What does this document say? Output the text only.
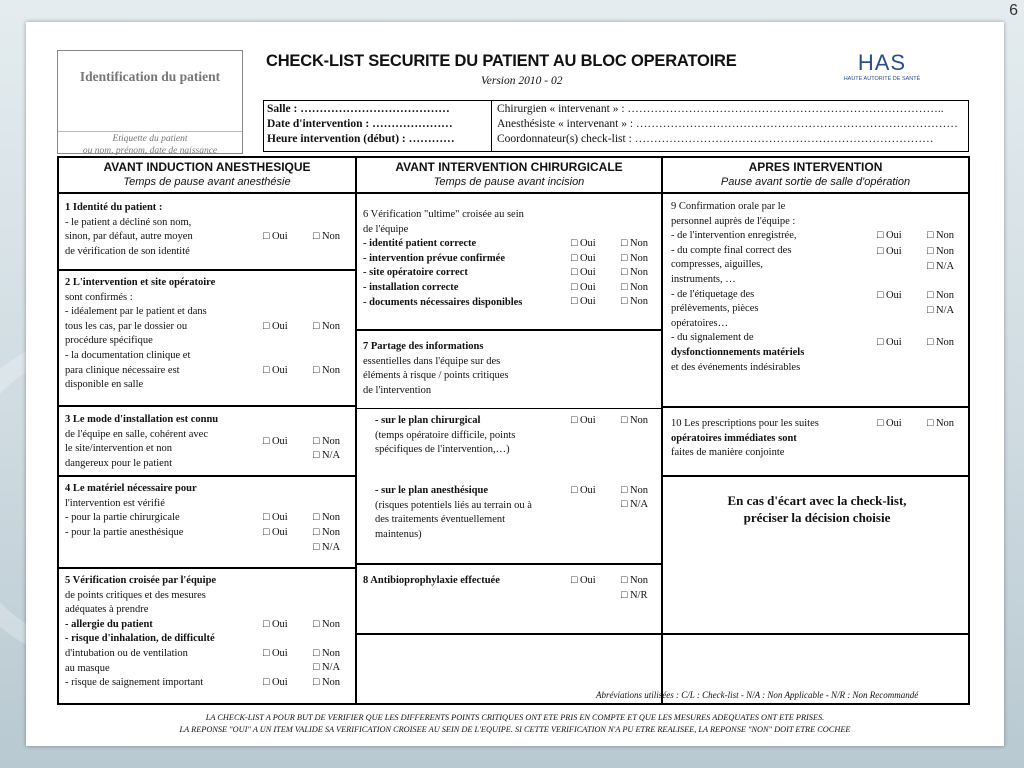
6
Identification du patient
Etiquette du patient
ou nom, prénom, date de naissance
CHECK-LIST SECURITE DU PATIENT AU BLOC OPERATOIRE
Version 2010 - 02
HAS
HAUTE AUTORITÉ DE SANTÉ
Salle : …………………………………
Date d'intervention : …………………
Heure intervention (début) : …………
Chirurgien « intervenant » : ………………………………………………………………………..
Anesthésiste « intervenant » : …………………………………………………………………………
Coordonnateur(s) check-list : ……………………………………………………………………
AVANT INDUCTION ANESTHESIQUE
Temps de pause avant anesthésie
AVANT INTERVENTION CHIRURGICALE
Temps de pause avant incision
APRES INTERVENTION
Pause avant sortie de salle d'opération
1 Identité du patient :
- le patient a décliné son nom,
sinon, par défaut, autre moyen
de vérification de son identité
□ Oui □ Non
2 L'intervention et site opératoire
sont confirmés :
- idéalement par le patient et dans
tous les cas, par le dossier ou
procédure spécifique
- la documentation clinique et
para clinique nécessaire est
disponible en salle
□ Oui □ Non
□ Oui □ Non
3 Le mode d'installation est connu
de l'équipe en salle, cohérent avec
le site/intervention et non
dangereux pour le patient
□ Oui □ Non
□ N/A
4 Le matériel nécessaire pour
l'intervention est vérifié
- pour la partie chirurgicale
- pour la partie anesthésique
□ Oui □ Non
□ Oui □ Non
□ N/A
5 Vérification croisée par l'équipe
de points critiques et des mesures
adéquates à prendre
- allergie du patient
- risque d'inhalation, de difficulté
d'intubation ou de ventilation
au masque
- risque de saignement important
□ Oui □ Non
□ Oui □ Non
□ N/A
□ Oui □ Non
6 Vérification "ultime" croisée au sein
de l'équipe
- identité patient correcte
- intervention prévue confirmée
- site opératoire correct
- installation correcte
- documents nécessaires disponibles
□ Oui □ Non
□ Oui □ Non
□ Oui □ Non
□ Oui □ Non
□ Oui □ Non
7 Partage des informations
essentielles dans l'équipe sur des
éléments à risque / points critiques
de l'intervention
- sur le plan chirurgical
(temps opératoire difficile, points
spécifiques de l'intervention,…)
□ Oui □ Non
- sur le plan anesthésique
(risques potentiels liés au terrain ou à
des traitements éventuellement
maintenus)
□ Oui □ Non
□ N/A
8 Antibioprophylaxie effectuée	□ Oui □ Non
□ N/R
9 Confirmation orale par le
personnel auprès de l'équipe :
- de l'intervention enregistrée,
- du compte final correct des
compresses, aiguilles,
instruments, …
- de l'étiquetage des
prélèvements, pièces
opératoires…
- du signalement de
dysfonctionnements matériels
et des événements indésirables
□ Oui □ Non
□ Oui □ Non
□ N/A
□ Oui □ Non
□ N/A
□ Oui □ Non
10 Les prescriptions pour les suites
opératoires immédiates sont
faites de manière conjointe
□ Oui □ Non
En cas d'écart avec la check-list,
préciser la décision choisie
Abréviations utilisées : C/L : Check-list - N/A : Non Applicable - N/R : Non Recommandé
LA CHECK-LIST A POUR BUT DE VERIFIER QUE LES DIFFERENTS POINTS CRITIQUES ONT ETE PRIS EN COMPTE ET QUE LES MESURES ADEQUATES ONT ETE PRISES.
LA REPONSE "OUI" A UN ITEM VALIDE SA VERIFICATION CROISEE AU SEIN DE L'EQUIPE. SI CETTE VERIFICATION N'A PU ETRE REALISEE, LA REPONSE "NON" DOIT ETRE COCHEE
